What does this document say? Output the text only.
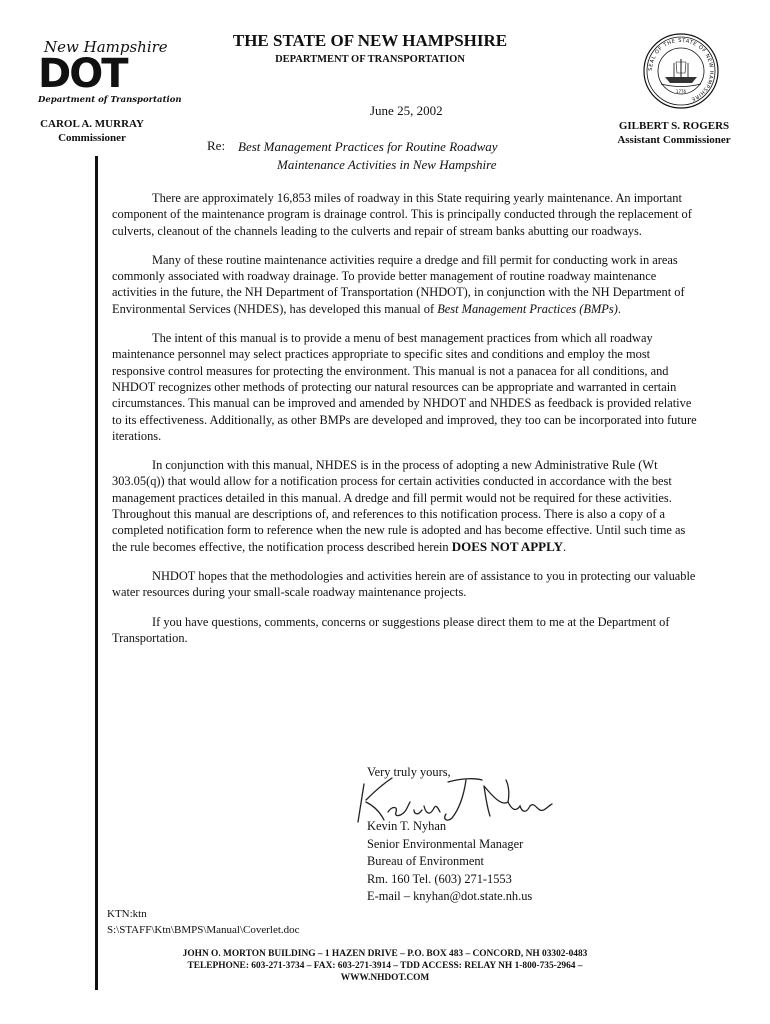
New Hampshire
DOT
Department of Transportation
THE STATE OF NEW HAMPSHIRE
DEPARTMENT OF TRANSPORTATION
CAROL A. MURRAY
Commissioner
GILBERT S. ROGERS
Assistant Commissioner
SEAL OF THE STATE OF NEW HAMPSHIRE
1776
June 25, 2002
Re: Best Management Practices for Routine Roadway
Maintenance Activities in New Hampshire

There are approximately 16,853 miles of roadway in this State requiring yearly maintenance. An important component of the maintenance program is drainage control. This is principally conducted through the replacement of culverts, cleanout of the channels leading to the culverts and repair of stream banks abutting our roadways.

Many of these routine maintenance activities require a dredge and fill permit for conducting work in areas commonly associated with roadway drainage. To provide better management of routine roadway maintenance activities in the future, the NH Department of Transportation (NHDOT), in conjunction with the NH Department of Environmental Services (NHDES), has developed this manual of Best Management Practices (BMPs).

The intent of this manual is to provide a menu of best management practices from which all roadway maintenance personnel may select practices appropriate to specific sites and conditions and employ the most responsive control measures for protecting the environment. This manual is not a panacea for all conditions, and NHDOT recognizes other methods of protecting our natural resources can be appropriate and warranted in certain circumstances. This manual can be improved and amended by NHDOT and NHDES as feedback is provided relative to its effectiveness. Additionally, as other BMPs are developed and improved, they too can be incorporated into future iterations.

In conjunction with this manual, NHDES is in the process of adopting a new Administrative Rule (Wt 303.05(q)) that would allow for a notification process for certain activities conducted in accordance with the best management practices detailed in this manual. A dredge and fill permit would not be required for these activities. Throughout this manual are descriptions of, and references to this notification process. There is also a copy of a completed notification form to reference when the new rule is adopted and has become effective. Until such time as the rule becomes effective, the notification process described herein DOES NOT APPLY.

NHDOT hopes that the methodologies and activities herein are of assistance to you in protecting our valuable water resources during your small-scale roadway maintenance projects.

If you have questions, comments, concerns or suggestions please direct them to me at the Department of Transportation.

Very truly yours,
Kevin T. Nyhan
Senior Environmental Manager
Bureau of Environment
Rm. 160 Tel. (603) 271-1553
E-mail – knyhan@dot.state.nh.us
KTN:ktn
S:\STAFF\Ktn\BMPS\Manual\Coverlet.doc
JOHN O. MORTON BUILDING – 1 HAZEN DRIVE – P.O. BOX 483 – CONCORD, NH 03302-0483
TELEPHONE: 603-271-3734 – FAX: 603-271-3914 – TDD ACCESS: RELAY NH 1-800-735-2964 –
WWW.NHDOT.COM
